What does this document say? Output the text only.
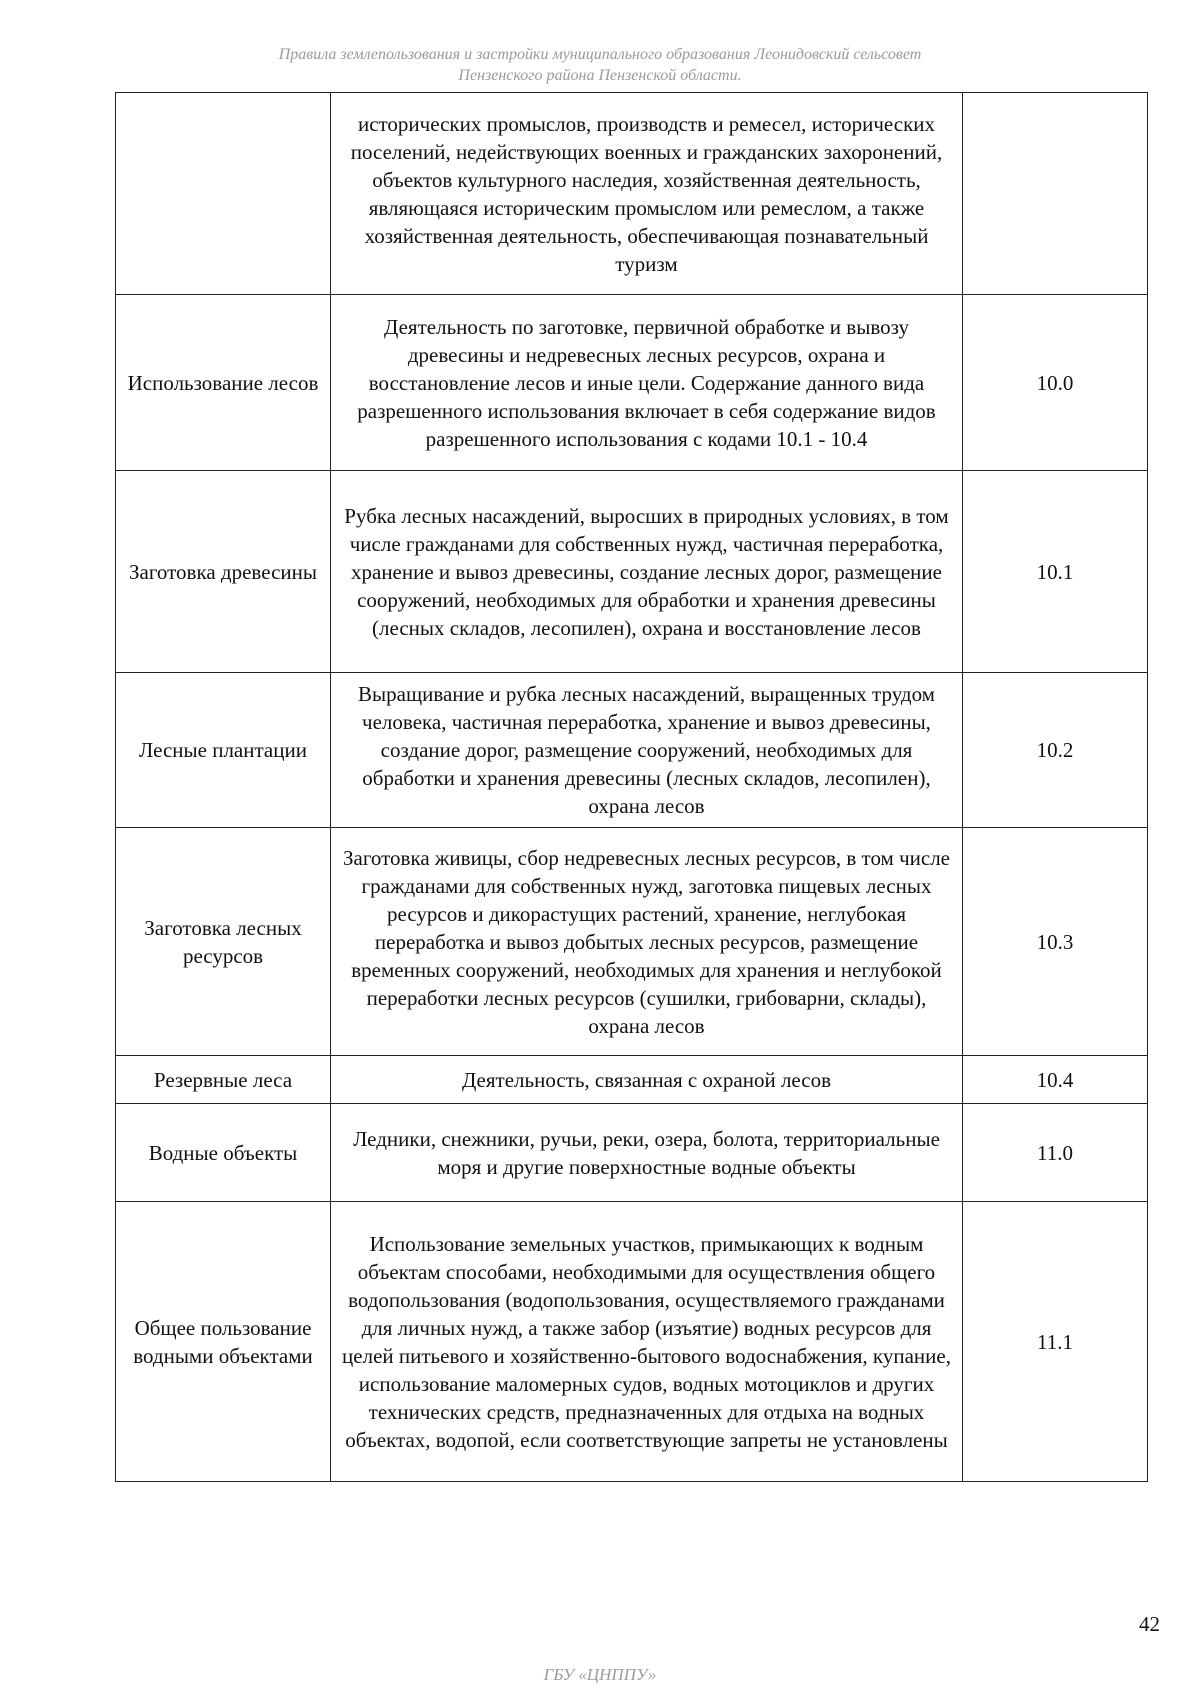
Правила землепользования и застройки муниципального образования Леонидовский сельсовет
Пензенского района Пензенской области.
	исторических промыслов, производств и ремесел, исторических поселений, недействующих военных и гражданских захоронений, объектов культурного наследия, хозяйственная деятельность, являющаяся историческим промыслом или ремеслом, а также хозяйственная деятельность, обеспечивающая познавательный туризм	
Использование лесов	Деятельность по заготовке, первичной обработке и вывозу древесины и недревесных лесных ресурсов, охрана и восстановление лесов и иные цели. Содержание данного вида разрешенного использования включает в себя содержание видов разрешенного использования с кодами 10.1 - 10.4	10.0
Заготовка древесины	Рубка лесных насаждений, выросших в природных условиях, в том числе гражданами для собственных нужд, частичная переработка, хранение и вывоз древесины, создание лесных дорог, размещение сооружений, необходимых для обработки и хранения древесины (лесных складов, лесопилен), охрана и восстановление лесов	10.1
Лесные плантации	Выращивание и рубка лесных насаждений, выращенных трудом человека, частичная переработка, хранение и вывоз древесины, создание дорог, размещение сооружений, необходимых для обработки и хранения древесины (лесных складов, лесопилен), охрана лесов	10.2
Заготовка лесных ресурсов	Заготовка живицы, сбор недревесных лесных ресурсов, в том числе гражданами для собственных нужд, заготовка пищевых лесных ресурсов и дикорастущих растений, хранение, неглубокая переработка и вывоз добытых лесных ресурсов, размещение временных сооружений, необходимых для хранения и неглубокой переработки лесных ресурсов (сушилки, грибоварни, склады), охрана лесов	10.3
Резервные леса	Деятельность, связанная с охраной лесов	10.4
Водные объекты	Ледники, снежники, ручьи, реки, озера, болота, территориальные моря и другие поверхностные водные объекты	11.0
Общее пользование водными объектами	Использование земельных участков, примыкающих к водным объектам способами, необходимыми для осуществления общего водопользования (водопользования, осуществляемого гражданами для личных нужд, а также забор (изъятие) водных ресурсов для целей питьевого и хозяйственно-бытового водоснабжения, купание, использование маломерных судов, водных мотоциклов и других технических средств, предназначенных для отдыха на водных объектах, водопой, если соответствующие запреты не установлены	11.1
42
ГБУ «ЦНППУ»
